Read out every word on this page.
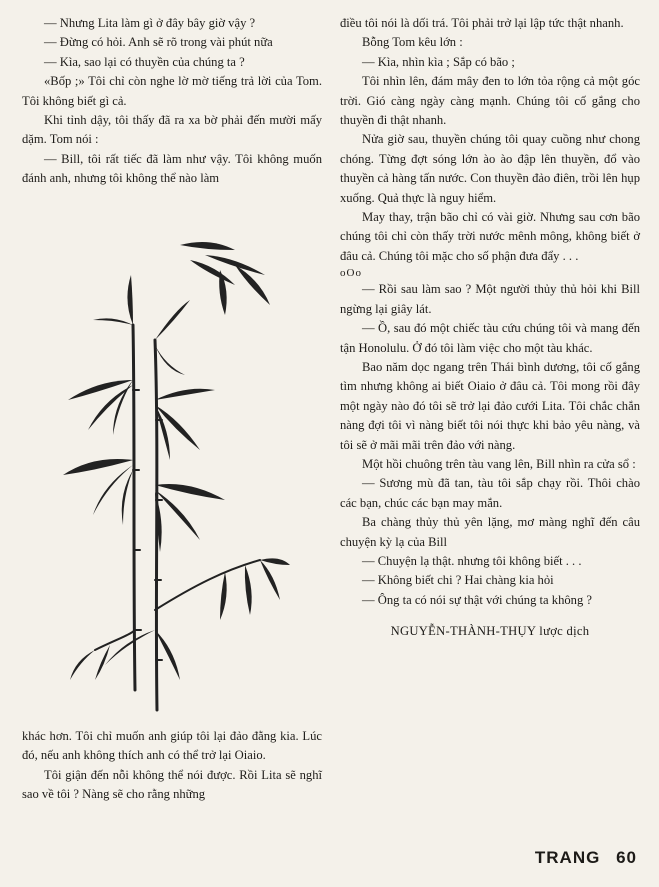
— Nhưng Lita làm gì ở đây bây giờ vậy ?

— Đừng có hỏi. Anh sẽ rõ trong vài phút nữa

— Kìa, sao lại có thuyền của chúng ta ?

«Bốp ;» Tôi chỉ còn nghe lờ mờ tiếng trả lời của Tom. Tôi không biết gì cả.

Khi tỉnh dậy, tôi thấy đã ra xa bờ phải đến mười mấy dặm. Tom nói :

— Bill, tôi rất tiếc đã làm như vậy. Tôi không muốn đánh anh, nhưng tôi không thể nào làm

khác hơn. Tôi chỉ muốn anh giúp tôi lại đảo đằng kia. Lúc đó, nếu anh không thích anh có thể trở lại Oiaio.

Tôi giận đến nỗi không thể nói được. Rồi Lita sẽ nghĩ sao về tôi ? Nàng sẽ cho rằng những

điều tôi nói là dối trá. Tôi phải trở lại lập tức thật nhanh.

Bỗng Tom kêu lớn :

— Kìa, nhìn kìa ; Sắp có bão ;

Tôi nhìn lên, đám mây đen to lớn tỏa rộng cả một góc trời. Gió càng ngày càng mạnh. Chúng tôi cố gắng cho thuyền đi thật nhanh.

Nửa giờ sau, thuyền chúng tôi quay cuồng như chong chóng. Từng đợt sóng lớn ào ào đập lên thuyền, đổ vào thuyền cả hàng tấn nước. Con thuyền đảo điên, trồi lên hụp xuống. Quả thực là nguy hiểm.

May thay, trận bão chỉ có vài giờ. Nhưng sau cơn bão chúng tôi chỉ còn thấy trời nước mênh mông, không biết ở đâu cả. Chúng tôi mặc cho số phận đưa đẩy . . .

oOo

— Rồi sau làm sao ? Một người thủy thủ hỏi khi Bill ngừng lại giây lát.

— Ồ, sau đó một chiếc tàu cứu chúng tôi và mang đến tận Honolulu. Ở đó tôi làm việc cho một tàu khác.

Bao năm dọc ngang trên Thái bình dương, tôi cố gắng tìm nhưng không ai biết Oiaio ở đâu cả. Tôi mong rồi đây một ngày nào đó tôi sẽ trở lại đảo cưới Lita. Tôi chắc chắn nàng đợi tôi vì nàng biết tôi nói thực khi bảo yêu nàng, và tôi sẽ ở mãi mãi trên đảo với nàng.

Một hồi chuông trên tàu vang lên, Bill nhìn ra cửa sổ :

— Sương mù đã tan, tàu tôi sắp chạy rồi. Thôi chào các bạn, chúc các bạn may mắn.

Ba chàng thủy thủ yên lặng, mơ màng nghĩ đến câu chuyện kỳ lạ của Bill

— Chuyện lạ thật. nhưng tôi không biết . . .

— Không biết chi ? Hai chàng kia hỏi

— Ông ta có nói sự thật với chúng ta không ?

NGUYỄN-THÀNH-THỤY lược dịch

TRANG 60
